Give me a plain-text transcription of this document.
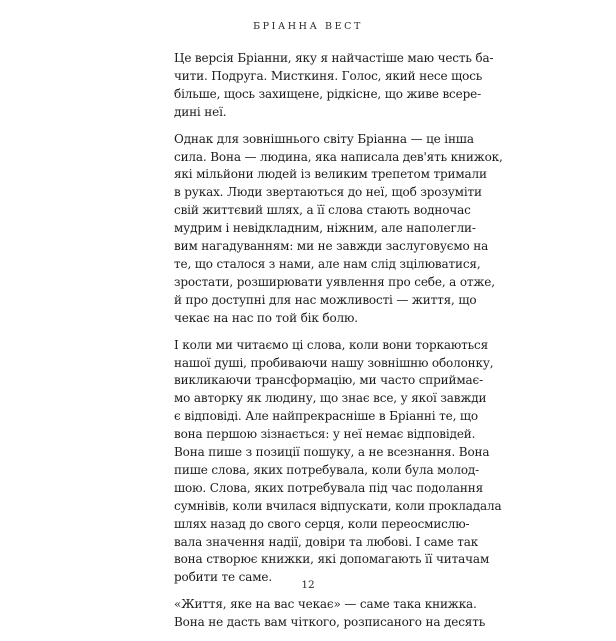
БРІАННА ВЕСТ

Це версія Бріанни, яку я найчастіше маю честь ба-
чити. Подруга. Мисткиня. Голос, який несе щось
більше, щось захищене, рідкісне, що живе всере-
дині неї.

Однак для зовнішнього світу Бріанна — це інша
сила. Вона — людина, яка написала дев'ять книжок,
які мільйони людей із великим трепетом тримали
в руках. Люди звертаються до неї, щоб зрозуміти
свій життєвий шлях, а її слова стають водночас
мудрим і невідкладним, ніжним, але наполегли-
вим нагадуванням: ми не завжди заслуговуємо на
те, що сталося з нами, але нам слід зцілюватися,
зростати, розширювати уявлення про себе, а отже,
й про доступні для нас можливості — життя, що
чекає на нас по той бік болю.

І коли ми читаємо ці слова, коли вони торкаються
нашої душі, пробиваючи нашу зовнішню оболонку,
викликаючи трансформацію, ми часто сприймає-
мо авторку як людину, що знає все, у якої завжди
є відповіді. Але найпрекрасніше в Бріанні те, що
вона першою зізнається: у неї немає відповідей.
Вона пише з позиції пошуку, а не всезнання. Вона
пише слова, яких потребувала, коли була молод-
шою. Слова, яких потребувала під час подолання
сумнівів, коли вчилася відпускати, коли прокладала
шлях назад до свого серця, коли переосмислю-
вала значення надії, довіри та любові. І саме так
вона створює книжки, які допомагають її читачам
робити те саме.

«Життя, яке на вас чекає» — саме така книжка.
Вона не дасть вам чіткого, розписаного на десять

12
